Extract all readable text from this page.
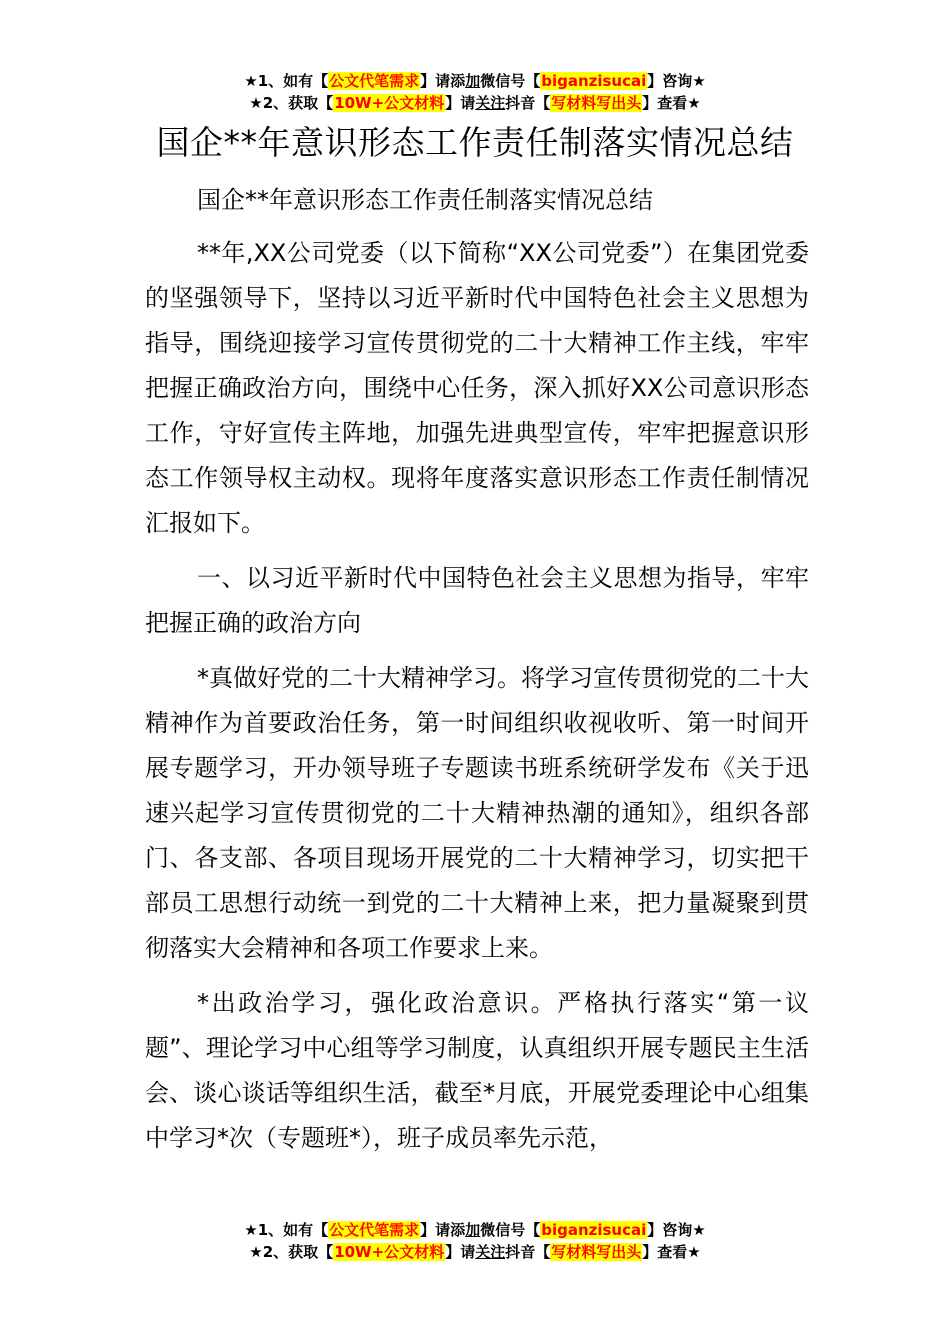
★1、如有【公文代笔需求】请添加微信号【biganzisucai】咨询★
★2、获取【10W+公文材料】请关注抖音【写材料写出头】查看★
国企**年意识形态工作责任制落实情况总结

国企**年意识形态工作责任制落实情况总结

**年,XX公司党委（以下简称“XX公司党委”）在集团党委的坚强领导下，坚持以习近平新时代中国特色社会主义思想为指导，围绕迎接学习宣传贯彻党的二十大精神工作主线，牢牢把握正确政治方向，围绕中心任务，深入抓好XX公司意识形态工作，守好宣传主阵地，加强先进典型宣传，牢牢把握意识形态工作领导权主动权。现将年度落实意识形态工作责任制情况汇报如下。

一、以习近平新时代中国特色社会主义思想为指导，牢牢把握正确的政治方向

*真做好党的二十大精神学习。将学习宣传贯彻党的二十大精神作为首要政治任务，第一时间组织收视收听、第一时间开展专题学习，开办领导班子专题读书班系统研学发布《关于迅速兴起学习宣传贯彻党的二十大精神热潮的通知》，组织各部门、各支部、各项目现场开展党的二十大精神学习，切实把干部员工思想行动统一到党的二十大精神上来，把力量凝聚到贯彻落实大会精神和各项工作要求上来。

*出政治学习，强化政治意识。严格执行落实“第一议题”、理论学习中心组等学习制度，认真组织开展专题民主生活会、谈心谈话等组织生活，截至*月底，开展党委理论中心组集中学习*次（专题班*），班子成员率先示范，

★1、如有【公文代笔需求】请添加微信号【biganzisucai】咨询★
★2、获取【10W+公文材料】请关注抖音【写材料写出头】查看★
